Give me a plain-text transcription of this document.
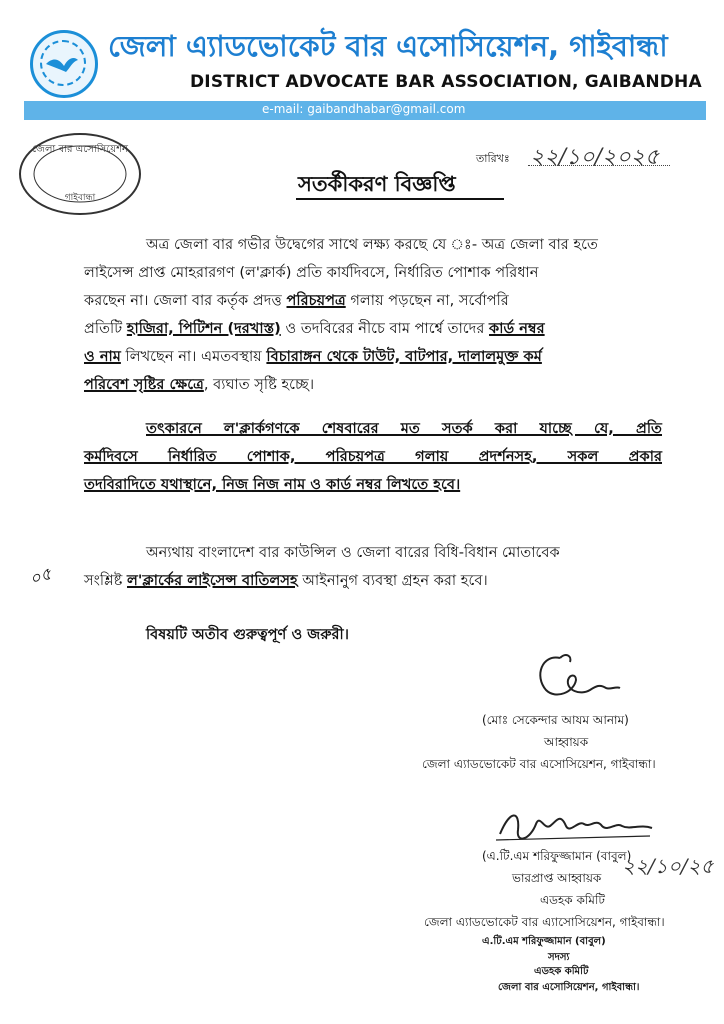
জেলা এ্যাডভোকেট বার এসোসিয়েশন, গাইবান্ধা
DISTRICT ADVOCATE BAR ASSOCIATION, GAIBANDHA
e-mail: gaibandhabar@gmail.com
জেলা বার এসোসিয়েশন
গাইবান্ধা
তারিখঃ ২২/১০/২০২৫
সতর্কীকরণ বিজ্ঞপ্তি
অত্র জেলা বার গভীর উদ্বেগের সাথে লক্ষ্য করছে যে ঃ- অত্র জেলা বার হতে
লাইসেন্স প্রাপ্ত মোহরারগণ (ল'ক্লার্ক) প্রতি কার্যদিবসে, নির্ধারিত পোশাক পরিধান
করছেন না। জেলা বার কর্তৃক প্রদত্ত পরিচয়পত্র গলায় পড়ছেন না, সর্বোপরি
প্রতিটি হাজিরা, পিটিশন (দরখাস্ত) ও তদবিরের নীচে বাম পার্শ্বে তাদের কার্ড নম্বর
ও নাম লিখছেন না। এমতবস্থায় বিচারাঙ্গন থেকে টাউট, বাটপার, দালালমুক্ত কর্ম
পরিবেশ সৃষ্টির ক্ষেত্রে, ব্যঘাত সৃষ্টি হচ্ছে।
তৎকারনে ল'ক্লার্কগণকে শেষবারের মত সতর্ক করা যাচ্ছে যে, প্রতি
কর্মদিবসে নির্ধারিত পোশাক, পরিচয়পত্র গলায় প্রদর্শনসহ, সকল প্রকার
তদবিরাদিতে যথাস্থানে, নিজ নিজ নাম ও কার্ড নম্বর লিখতে হবে।
০৫
অন্যথায় বাংলাদেশ বার কাউন্সিল ও জেলা বারের বিধি-বিধান মোতাবেক
সংশ্লিষ্ট ল'ক্লার্কের লাইসেন্স বাতিলসহ আইনানুগ ব্যবস্থা গ্রহন করা হবে।
বিষয়টি অতীব গুরুত্বপূর্ণ ও জরুরী।
(মোঃ সেকেন্দার আযম আনাম)
আহ্বায়ক
জেলা এ্যাডভোকেট বার এসোসিয়েশন, গাইবান্ধা।
(এ.টি.এম শরিফুজ্জামান (বাবুল)
২২/১০/২৫
ভারপ্রাপ্ত আহ্বায়ক
এডহক কমিটি
জেলা এ্যাডভোকেট বার এ্যাসোসিয়েশন, গাইবান্ধা।
এ.টি.এম শরিফুজ্জামান (বাবুল)
সদস্য
এডহক কমিটি
জেলা বার এসোসিয়েশন, গাইবান্ধা।
